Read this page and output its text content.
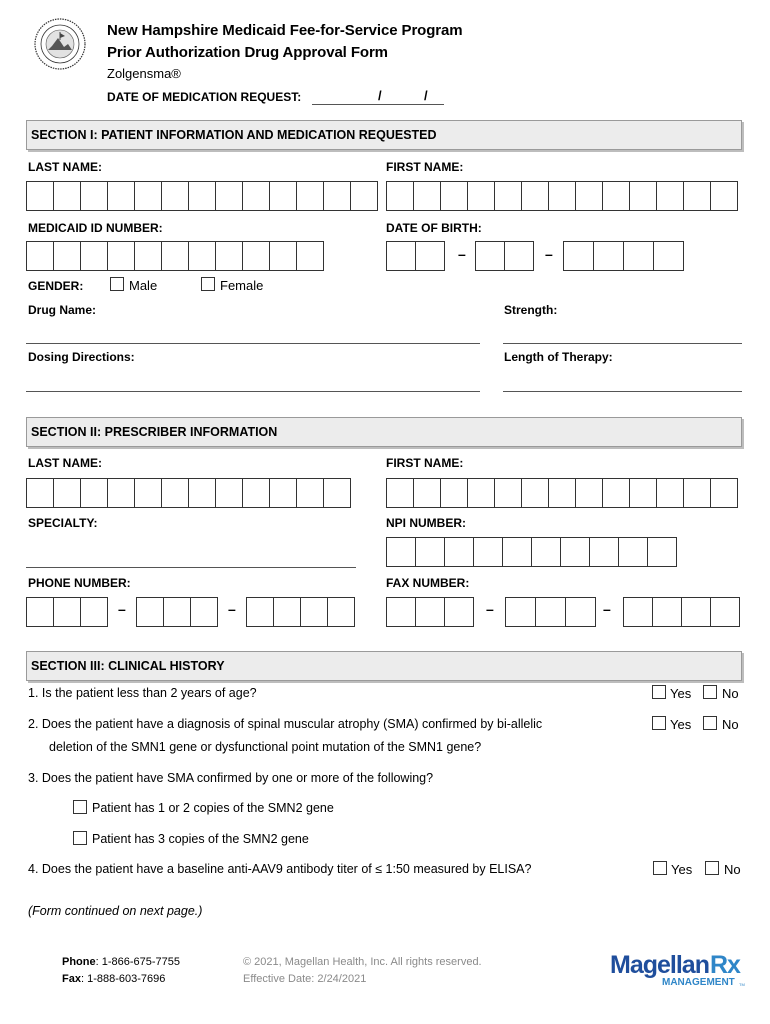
New Hampshire Medicaid Fee-for-Service Program
Prior Authorization Drug Approval Form
Zolgensma®
DATE OF MEDICATION REQUEST:	/	/
SECTION I: PATIENT INFORMATION AND MEDICATION REQUESTED
LAST NAME:	FIRST NAME:
MEDICAID ID NUMBER:	DATE OF BIRTH:
–	–
GENDER:	Male	Female
Drug Name:	Strength:
Dosing Directions:	Length of Therapy:
SECTION II: PRESCRIBER INFORMATION
LAST NAME:	FIRST NAME:
SPECIALTY:	NPI NUMBER:
PHONE NUMBER:	FAX NUMBER:
–	–	–	–
SECTION III: CLINICAL HISTORY
1. Is the patient less than 2 years of age?	Yes No
2. Does the patient have a diagnosis of spinal muscular atrophy (SMA) confirmed by bi-allelic
deletion of the SMN1 gene or dysfunctional point mutation of the SMN1 gene?
Yes No
3. Does the patient have SMA confirmed by one or more of the following?
Patient has 1 or 2 copies of the SMN2 gene
Patient has 3 copies of the SMN2 gene
4. Does the patient have a baseline anti-AAV9 antibody titer of ≤ 1:50 measured by ELISA?	Yes No
(Form continued on next page.)
Phone: 1-866-675-7755
Fax: 1-888-603-7696
© 2021, Magellan Health, Inc. All rights reserved.
Effective Date: 2/24/2021	Magellan Rx
MANAGEMENT TM
